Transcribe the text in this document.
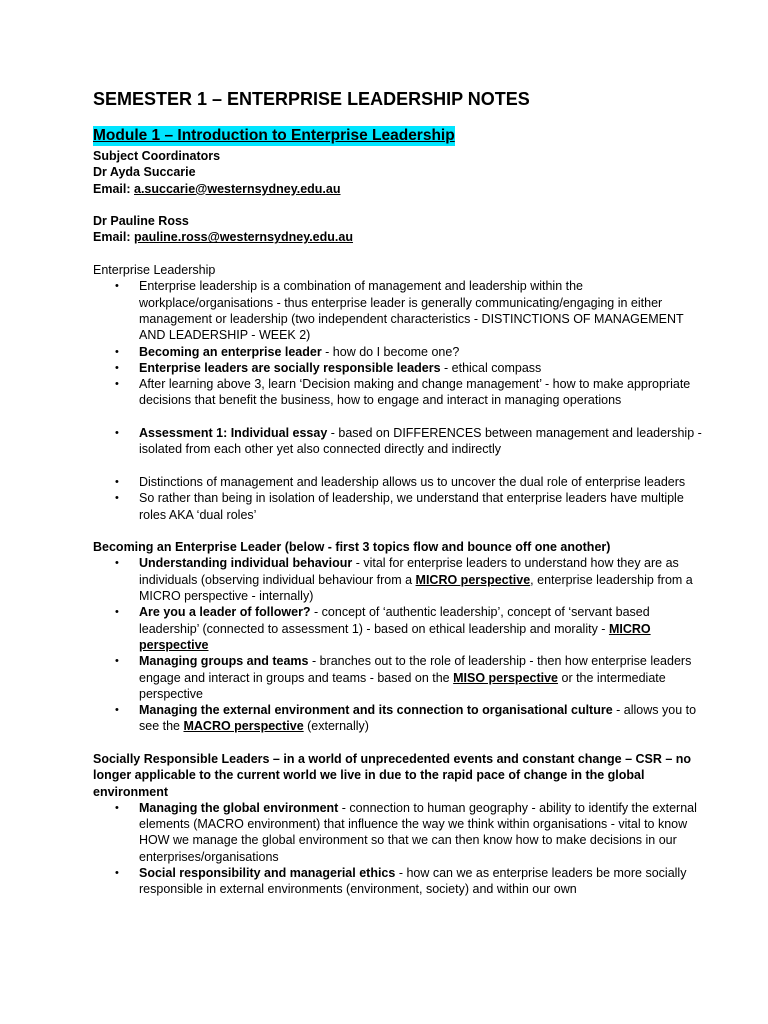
SEMESTER 1 – ENTERPRISE LEADERSHIP NOTES
Module 1 – Introduction to Enterprise Leadership
Subject Coordinators
Dr Ayda Succarie
Email: a.succarie@westernsydney.edu.au
Dr Pauline Ross
Email: pauline.ross@westernsydney.edu.au
Enterprise Leadership
• Enterprise leadership is a combination of management and leadership within the workplace/organisations - thus enterprise leader is generally communicating/engaging in either management or leadership (two independent characteristics - DISTINCTIONS OF MANAGEMENT AND LEADERSHIP - WEEK 2)
• Becoming an enterprise leader - how do I become one?
• Enterprise leaders are socially responsible leaders - ethical compass
• After learning above 3, learn ‘Decision making and change management’ - how to make appropriate decisions that benefit the business, how to engage and interact in managing operations
• Assessment 1: Individual essay - based on DIFFERENCES between management and leadership - isolated from each other yet also connected directly and indirectly
• Distinctions of management and leadership allows us to uncover the dual role of enterprise leaders
• So rather than being in isolation of leadership, we understand that enterprise leaders have multiple roles AKA ‘dual roles’
Becoming an Enterprise Leader (below - first 3 topics flow and bounce off one another)
• Understanding individual behaviour - vital for enterprise leaders to understand how they are as individuals (observing individual behaviour from a MICRO perspective, enterprise leadership from a MICRO perspective - internally)
• Are you a leader of follower? - concept of ‘authentic leadership’, concept of ‘servant based leadership’ (connected to assessment 1) - based on ethical leadership and morality - MICRO perspective
• Managing groups and teams - branches out to the role of leadership - then how enterprise leaders engage and interact in groups and teams - based on the MISO perspective or the intermediate perspective
• Managing the external environment and its connection to organisational culture - allows you to see the MACRO perspective (externally)
Socially Responsible Leaders – in a world of unprecedented events and constant change – CSR – no longer applicable to the current world we live in due to the rapid pace of change in the global environment
• Managing the global environment - connection to human geography - ability to identify the external elements (MACRO environment) that influence the way we think within organisations - vital to know HOW we manage the global environment so that we can then know how to make decisions in our enterprises/organisations
• Social responsibility and managerial ethics - how can we as enterprise leaders be more socially responsible in external environments (environment, society) and within our own
